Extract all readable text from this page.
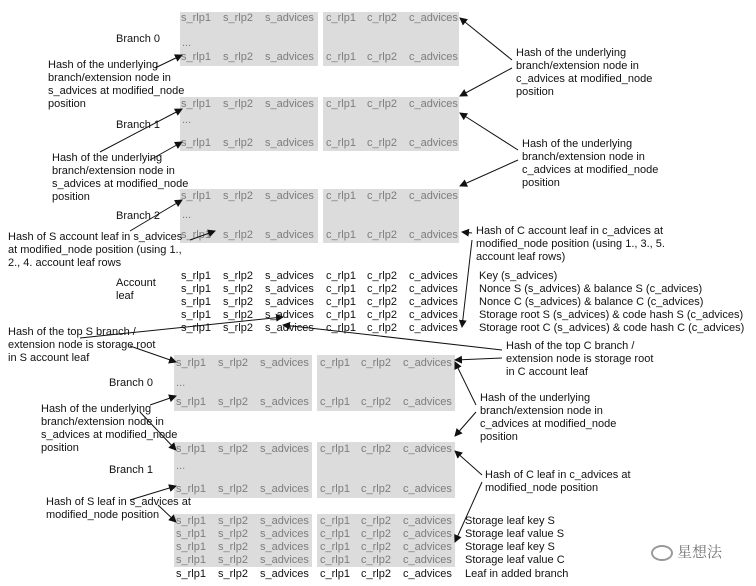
s_rlp1 s_rlp2 s_advices c_rlp1 c_rlp2 c_advices
...
s_rlp1 s_rlp2 s_advices c_rlp1 c_rlp2 c_advices
Branch 0
s_rlp1 s_rlp2 s_advices c_rlp1 c_rlp2 c_advices
...
s_rlp1 s_rlp2 s_advices c_rlp1 c_rlp2 c_advices
Branch 1
s_rlp1 s_rlp2 s_advices c_rlp1 c_rlp2 c_advices
...
s_rlp1 s_rlp2 s_advices c_rlp1 c_rlp2 c_advices
Branch 2
Account
leaf
s_rlp1 s_rlp2 s_advices c_rlp1 c_rlp2 c_advices Key (s_advices)
s_rlp1 s_rlp2 s_advices c_rlp1 c_rlp2 c_advices Nonce S (s_advices) & balance S (c_advices)
s_rlp1 s_rlp2 s_advices c_rlp1 c_rlp2 c_advices Nonce C (s_advices) & balance C (c_advices)
s_rlp1 s_rlp2 s_advices c_rlp1 c_rlp2 c_advices Storage root S (s_advices) & code hash S (c_advices)
s_rlp1 s_rlp2 s_advices c_rlp1 c_rlp2 c_advices Storage root C (s_advices) & code hash C (c_advices)
s_rlp1 s_rlp2 s_advices c_rlp1 c_rlp2 c_advices
...
s_rlp1 s_rlp2 s_advices c_rlp1 c_rlp2 c_advices
Branch 0
s_rlp1 s_rlp2 s_advices c_rlp1 c_rlp2 c_advices
...
s_rlp1 s_rlp2 s_advices c_rlp1 c_rlp2 c_advices
Branch 1
s_rlp1 s_rlp2 s_advices c_rlp1 c_rlp2 c_advices Storage leaf key S
s_rlp1 s_rlp2 s_advices c_rlp1 c_rlp2 c_advices Storage leaf value S
s_rlp1 s_rlp2 s_advices c_rlp1 c_rlp2 c_advices Storage leaf key S
s_rlp1 s_rlp2 s_advices c_rlp1 c_rlp2 c_advices Storage leaf value C
s_rlp1 s_rlp2 s_advices c_rlp1 c_rlp2 c_advices Leaf in added branch
Hash of the underlying
branch/extension node in
s_advices at modified_node
position
Hash of the underlying
branch/extension node in
c_advices at modified_node
position
Hash of the underlying
branch/extension node in
s_advices at modified_node
position
Hash of the underlying
branch/extension node in
c_advices at modified_node
position
Hash of S account leaf in s_advices
at modified_node position (using 1.,
2., 4. account leaf rows
Hash of C account leaf in c_advices at
modified_node position (using 1., 3., 5.
account leaf rows)
Hash of the top S branch /
extension node is storage root
in S account leaf
Hash of the top C branch /
extension node is storage root
in C account leaf
Hash of the underlying
branch/extension node in
s_advices at modified_node
position
Hash of the underlying
branch/extension node in
c_advices at modified_node
position
Hash of S leaf in s_advices at
modified_node position
Hash of C leaf in c_advices at
modified_node position
星想法
